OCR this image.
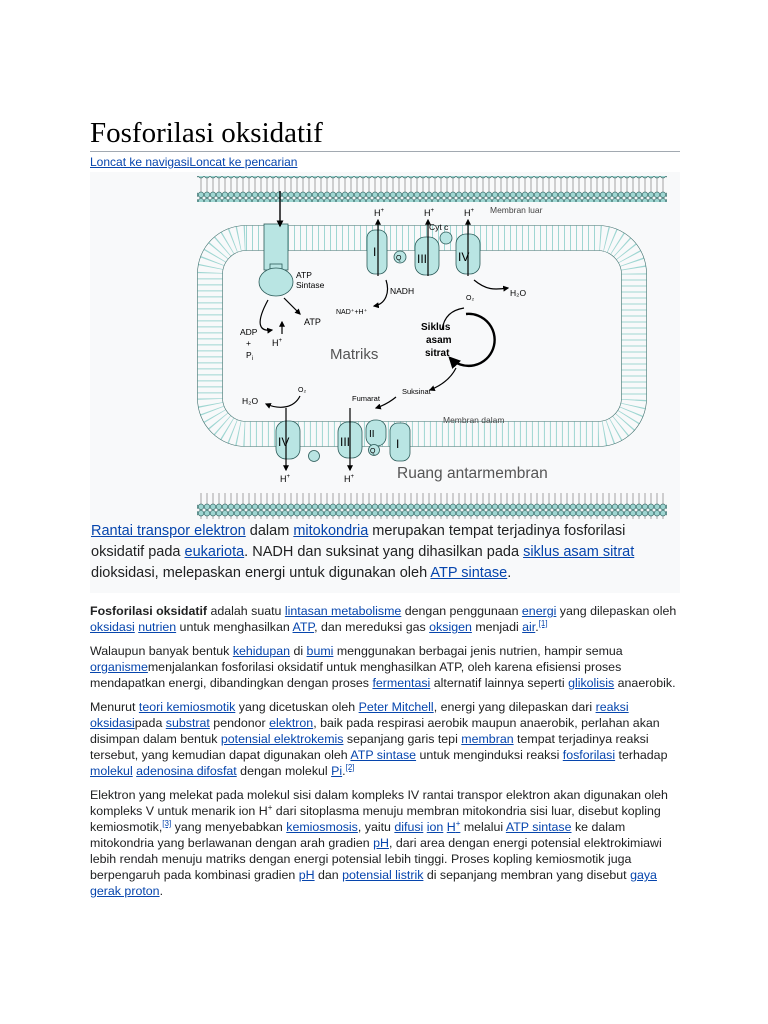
Fosforilasi oksidatif
Loncat ke navigasiLoncat ke pencarian
Membran luar
Membran dalam
ATP
Sintase
ATP
ADP
+
$P_i$
H+
I	Q III
Cyt c
IV
H+	H+	H+
NADH
NAD⁺+H⁺
O₂
H₂O
Siklus
asam
sitrat
Matriks
Suksinat
Fumarat
IV	III
II
Q
I
H+	H+
H₂O
O₂
Ruang antarmembran
Rantai transpor elektron dalam mitokondria merupakan tempat terjadinya fosforilasi oksidatif pada eukariota. NADH dan suksinat yang dihasilkan pada siklus asam sitrat dioksidasi, melepaskan energi untuk digunakan oleh ATP sintase.

Fosforilasi oksidatif adalah suatu lintasan metabolisme dengan penggunaan energi yang dilepaskan oleh oksidasi nutrien untuk menghasilkan ATP, dan mereduksi gas oksigen menjadi air.[1]

Walaupun banyak bentuk kehidupan di bumi menggunakan berbagai jenis nutrien, hampir semua organismemenjalankan fosforilasi oksidatif untuk menghasilkan ATP, oleh karena efisiensi proses mendapatkan energi, dibandingkan dengan proses fermentasi alternatif lainnya seperti glikolisis anaerobik.

Menurut teori kemiosmotik yang dicetuskan oleh Peter Mitchell, energi yang dilepaskan dari reaksi oksidasipada substrat pendonor elektron, baik pada respirasi aerobik maupun anaerobik, perlahan akan disimpan dalam bentuk potensial elektrokemis sepanjang garis tepi membran tempat terjadinya reaksi tersebut, yang kemudian dapat digunakan oleh ATP sintase untuk menginduksi reaksi fosforilasi terhadap molekul adenosina difosfat dengan molekul Pi.[2]

Elektron yang melekat pada molekul sisi dalam kompleks IV rantai transpor elektron akan digunakan oleh kompleks V untuk menarik ion H+ dari sitoplasma menuju membran mitokondria sisi luar, disebut kopling kemiosmotik,[3] yang menyebabkan kemiosmosis, yaitu difusi ion H+ melalui ATP sintase ke dalam mitokondria yang berlawanan dengan arah gradien pH, dari area dengan energi potensial elektrokimiawi lebih rendah menuju matriks dengan energi potensial lebih tinggi. Proses kopling kemiosmotik juga berpengaruh pada kombinasi gradien pH dan potensial listrik di sepanjang membran yang disebut gaya gerak proton.
